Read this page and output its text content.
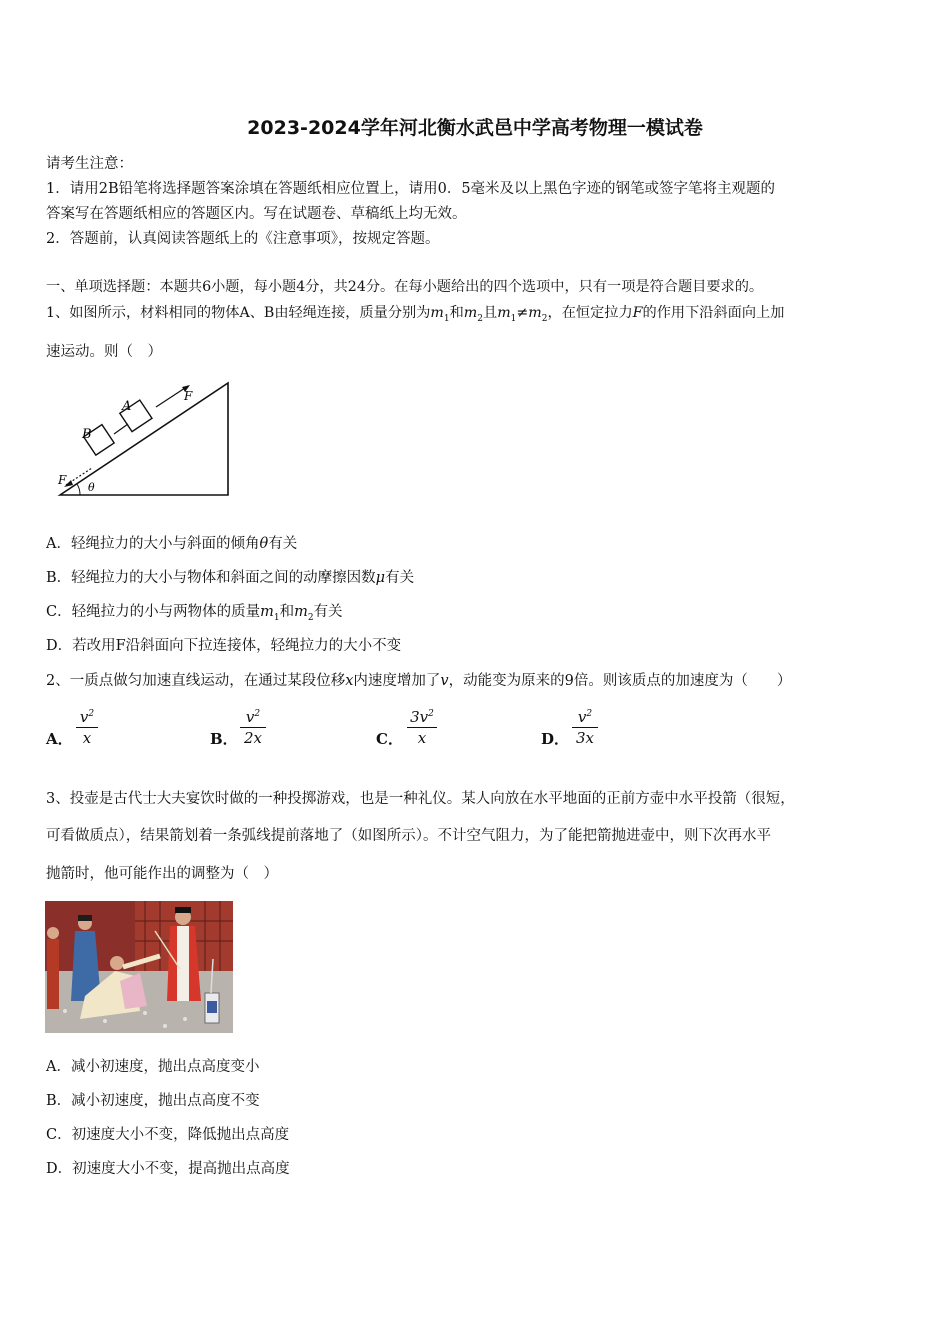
2023-2024学年河北衡水武邑中学高考物理一模试卷
请考生注意：
1．请用2B铅笔将选择题答案涂填在答题纸相应位置上，请用0．5毫米及以上黑色字迹的钢笔或签字笔将主观题的
答案写在答题纸相应的答题区内。写在试题卷、草稿纸上均无效。
2．答题前，认真阅读答题纸上的《注意事项》，按规定答题。
一、单项选择题：本题共6小题，每小题4分，共24分。在每小题给出的四个选项中，只有一项是符合题目要求的。
1、如图所示，材料相同的物体A、B由轻绳连接，质量分别为$m_1$和$m_2$且$m_1\ne m_2$，在恒定拉力F的作用下沿斜面向上加
速运动。则（　）
A
B
F
F
θ
A．轻绳拉力的大小与斜面的倾角θ有关
B．轻绳拉力的大小与物体和斜面之间的动摩擦因数μ有关
C．轻绳拉力的小与两物体的质量$m_1$和$m_2$有关
D．若改用F沿斜面向下拉连接体，轻绳拉力的大小不变
2、一质点做匀加速直线运动，在通过某段位移x内速度增加了v，动能变为原来的9倍。则该质点的加速度为（　　）
A．
$v^2$
x	B．
$v^2$
2x	C．
$3v^2$
x	D．
$v^2$
3x
3、投壶是古代士大夫宴饮时做的一种投掷游戏，也是一种礼仪。某人向放在水平地面的正前方壶中水平投箭（很短，
可看做质点），结果箭划着一条弧线提前落地了（如图所示）。不计空气阻力，为了能把箭抛进壶中，则下次再水平
抛箭时，他可能作出的调整为（　）
A．减小初速度，抛出点高度变小
B．减小初速度，抛出点高度不变
C．初速度大小不变，降低抛出点高度
D．初速度大小不变，提高抛出点高度
